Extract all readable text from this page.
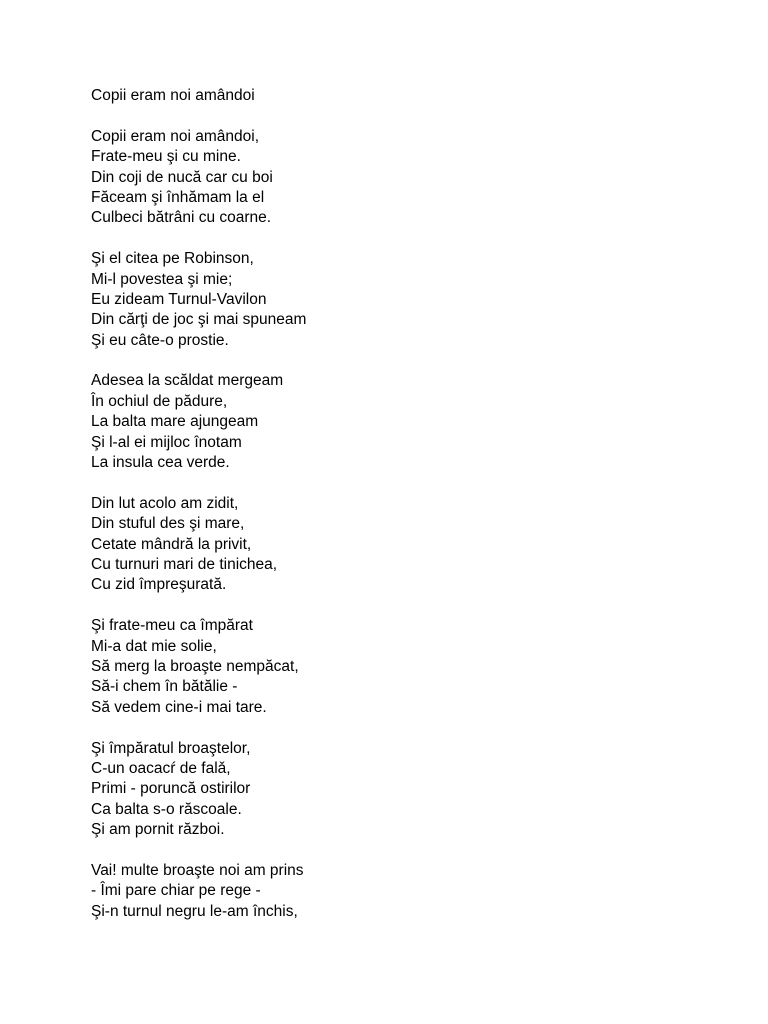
Copii eram noi amândoi
Copii eram noi amândoi,
Frate-meu şi cu mine.
Din coji de nucă car cu boi
Făceam şi înhămam la el
Culbeci bătrâni cu coarne.
Şi el citea pe Robinson,
Mi-l povestea şi mie;
Eu zideam Turnul-Vavilon
Din cărţi de joc şi mai spuneam
Şi eu câte-o prostie.
Adesea la scăldat mergeam
În ochiul de pădure,
La balta mare ajungeam
Şi l-al ei mijloc înotam
La insula cea verde.
Din lut acolo am zidit,
Din stuful des şi mare,
Cetate mândră la privit,
Cu turnuri mari de tinichea,
Cu zid împreşurată.
Şi frate-meu ca împărat
Mi-a dat mie solie,
Să merg la broaşte nempăcat,
Să-i chem în bătălie -
Să vedem cine-i mai tare.
Şi împăratul broaştelor,
C-un oacacŕ de falǎ,
Primi - poruncă ostirilor
Ca balta s-o răscoale.
Şi am pornit război.
Vai! multe broaşte noi am prins
- Îmi pare chiar pe rege -
Şi-n turnul negru le-am închis,
